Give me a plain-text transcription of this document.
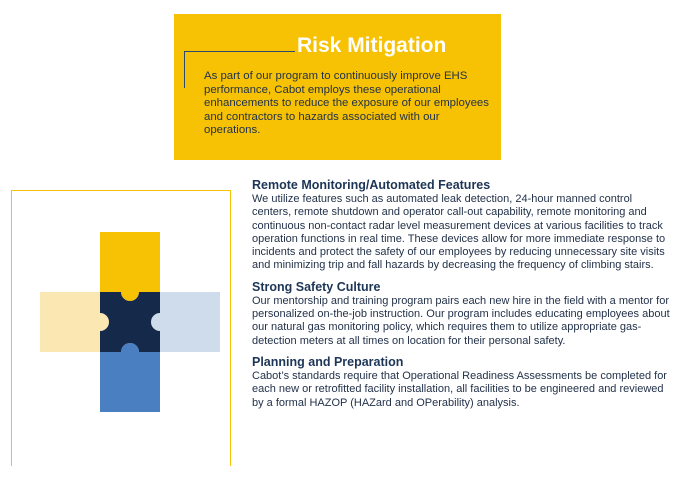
Risk Mitigation
As part of our program to continuously improve EHS performance, Cabot employs these operational enhancements to reduce the exposure of our employees and contractors to hazards associated with our operations.

Remote Monitoring/Automated Features

We utilize features such as automated leak detection, 24-hour manned control centers, remote shutdown and operator call-out capability, remote monitoring and continuous non-contact radar level measurement devices at various facilities to track operation functions in real time. These devices allow for more immediate response to incidents and protect the safety of our employees by reducing unnecessary site visits and minimizing trip and fall hazards by decreasing the frequency of climbing stairs.

Strong Safety Culture

Our mentorship and training program pairs each new hire in the field with a mentor for personalized on-the-job instruction. Our program includes educating employees about our natural gas monitoring policy, which requires them to utilize appropriate gas-detection meters at all times on location for their personal safety.

Planning and Preparation

Cabot’s standards require that Operational Readiness Assessments be completed for each new or retrofitted facility installation, all facilities to be engineered and reviewed by a formal HAZOP (HAZard and OPerability) analysis.
